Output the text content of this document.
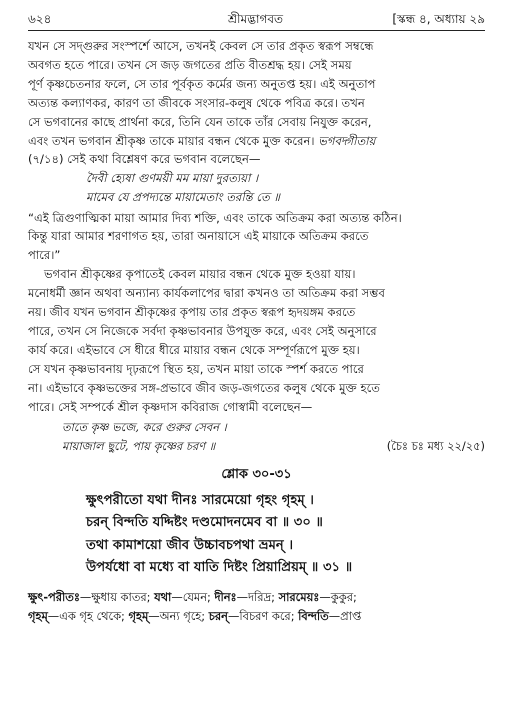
৬২৪	শ্রীমদ্ভাগবত	[স্কন্ধ ৪, অধ্যায় ২৯
যখন সে সদ্গুরুর সংস্পর্শে আসে, তখনই কেবল সে তার প্রকৃত স্বরূপ সম্বন্ধে
অবগত হতে পারে। তখন সে জড় জগতের প্রতি বীতশ্রদ্ধ হয়। সেই সময়
পূর্ণ কৃষ্ণচেতনার ফলে, সে তার পূর্বকৃত কর্মের জন্য অনুতপ্ত হয়। এই অনুতাপ
অত্যন্ত কল্যাণকর, কারণ তা জীবকে সংসার-কলুষ থেকে পবিত্র করে। তখন
সে ভগবানের কাছে প্রার্থনা করে, তিনি যেন তাকে তাঁর সেবায় নিযুক্ত করেন,
এবং তখন ভগবান শ্রীকৃষ্ণ তাকে মায়ার বন্ধন থেকে মুক্ত করেন। ভগবদ্গীতায়
(৭/১৪) সেই কথা বিশ্লেষণ করে ভগবান বলেছেন—
দৈবী হ্যেষা গুণময়ী মম মায়া দুরত্যয়া ।
মামেব যে প্রপদ্যন্তে মায়ামেতাং তরন্তি তে ॥
“এই ত্রিগুণাত্মিকা মায়া আমার দিব্য শক্তি, এবং তাকে অতিক্রম করা অত্যন্ত কঠিন।
কিন্তু যারা আমার শরণাগত হয়, তারা অনায়াসে এই মায়াকে অতিক্রম করতে
পারে।”
ভগবান শ্রীকৃষ্ণের কৃপাতেই কেবল মায়ার বন্ধন থেকে মুক্ত হওয়া যায়।
মনোধর্মী জ্ঞান অথবা অন্যান্য কার্যকলাপের দ্বারা কখনও তা অতিক্রম করা সম্ভব
নয়। জীব যখন ভগবান শ্রীকৃষ্ণের কৃপায় তার প্রকৃত স্বরূপ হৃদয়ঙ্গম করতে
পারে, তখন সে নিজেকে সর্বদা কৃষ্ণভাবনার উপযুক্ত করে, এবং সেই অনুসারে
কার্য করে। এইভাবে সে ধীরে ধীরে মায়ার বন্ধন থেকে সম্পূর্ণরূপে মুক্ত হয়।
সে যখন কৃষ্ণভাবনায় দৃঢ়রূপে স্থিত হয়, তখন মায়া তাকে স্পর্শ করতে পারে
না। এইভাবে কৃষ্ণভক্তের সঙ্গ-প্রভাবে জীব জড়-জগতের কলুষ থেকে মুক্ত হতে
পারে। সেই সম্পর্কে শ্রীল কৃষ্ণদাস কবিরাজ গোস্বামী বলেছেন—
তাতে কৃষ্ণ ভজে, করে গুরুর সেবন ।
মায়াজাল ছুটে, পায় কৃষ্ণের চরণ ॥	(চৈঃ চঃ মধ্য ২২/২৫)
শ্লোক ৩০-৩১
ক্ষুৎপরীতো যথা দীনঃ সারমেয়ো গৃহং গৃহম্ ।
চরন্ বিন্দতি যদ্দিষ্টং দণ্ডমোদনমেব বা ॥ ৩০ ॥
তথা কামাশয়ো জীব উচ্চাবচপথা ভ্রমন্ ।
উপর্যধো বা মধ্যে বা যাতি দিষ্টং প্রিয়াপ্রিয়ম্ ॥ ৩১ ॥
ক্ষুৎ-পরীতঃ—ক্ষুধায় কাতর; যথা—যেমন; দীনঃ—দরিদ্র; সারমেয়ঃ—কুকুর;
গৃহম্—এক গৃহ থেকে; গৃহম্—অন্য গৃহে; চরন্—বিচরণ করে; বিন্দতি—প্রাপ্ত
